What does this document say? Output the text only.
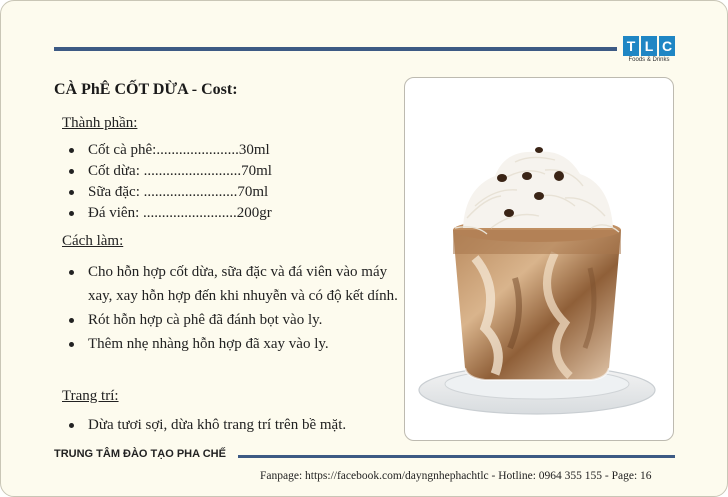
T L C
Foods & Drinks
CÀ PhÊ CỐT DỪA - Cost:
Thành phần:
Cốt cà phê:......................30ml
Cốt dừa: ..........................70ml
Sữa đặc: .........................70ml
Đá viên: .........................200gr
Cách làm:
Cho hỗn hợp cốt dừa, sữa đặc và đá viên vào máy xay, xay hỗn hợp đến khi nhuyễn và có độ kết dính.
Rót hỗn hợp cà phê đã đánh bọt vào ly.
Thêm nhẹ nhàng hỗn hợp đã xay vào ly.
Trang trí:
Dừa tươi sợi, dừa khô trang trí trên bề mặt.
TRUNG TÂM ĐÀO TẠO PHA CHẾ
Fanpage: https://facebook.com/dayngnhephachtlc - Hotline: 0964 355 155 - Page: 16
